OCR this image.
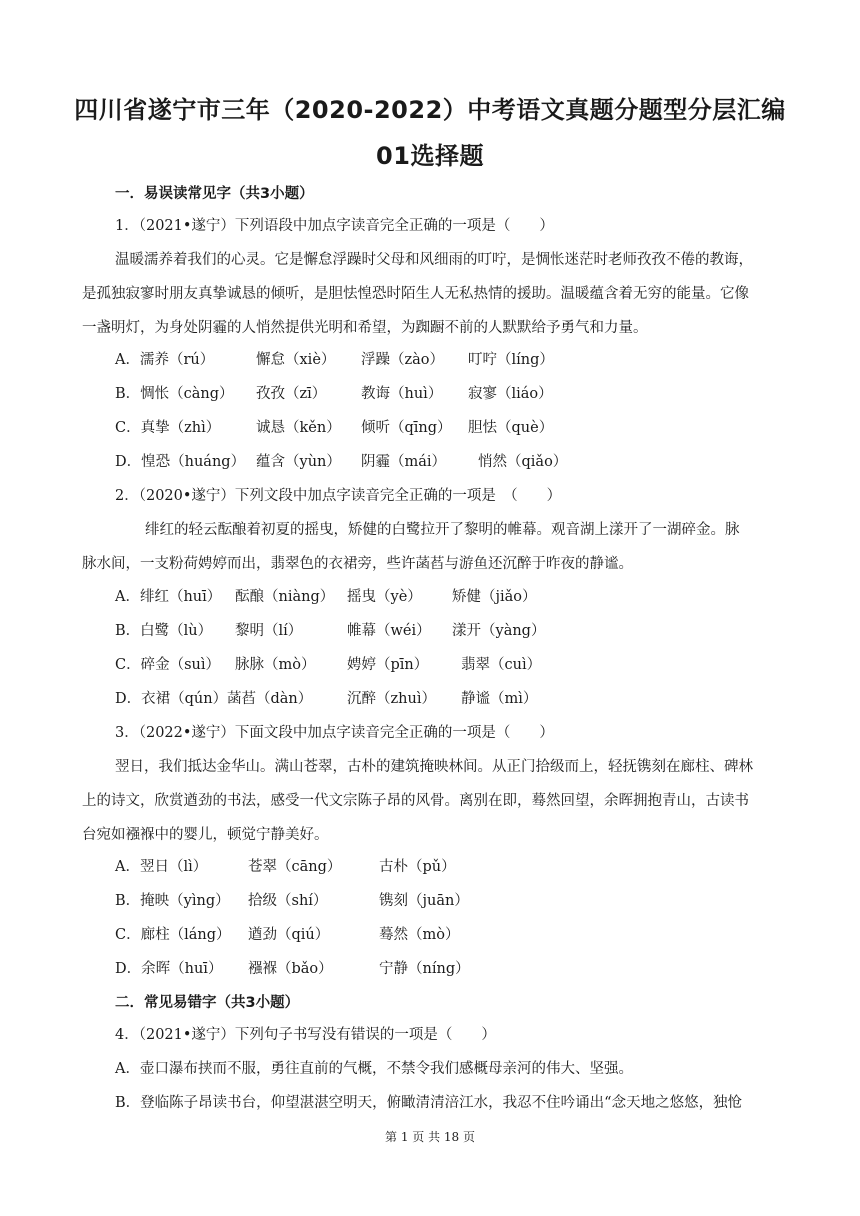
四川省遂宁市三年（2020-2022）中考语文真题分题型分层汇编
01选择题
一．易误读常见字（共3小题）
1．（2021•遂宁）下列语段中加点字读音完全正确的一项是（　　）
温暖濡养着我们的心灵。它是懈怠浮躁时父母和风细雨的叮咛，是惆怅迷茫时老师孜孜不倦的教诲，
是孤独寂寥时朋友真挚诚恳的倾听，是胆怯惶恐时陌生人无私热情的援助。温暖蕴含着无穷的能量。它像
一盏明灯，为身处阴霾的人悄然提供光明和希望，为踟蹰不前的人默默给予勇气和力量。
A．濡养（rú）	懈怠（xiè） 浮躁（zào） 叮咛（líng）
B．惆怅（càng） 孜孜（zī） 教诲（huì） 寂寥（liáo）
C．真挚（zhì） 诚恳（kěn） 倾听（qīng） 胆怯（què）
D．惶恐（huáng） 蕴含（yùn） 阴霾（mái） 悄然（qiǎo）
2．（2020•遂宁）下列文段中加点字读音完全正确的一项是　（　　）
绯红的轻云酝酿着初夏的摇曳，矫健的白鹭拉开了黎明的帷幕。观音湖上漾开了一湖碎金。脉
脉水间，一支粉荷娉婷而出，翡翠色的衣裙旁，些许菡萏与游鱼还沉醉于昨夜的静谧。
A．绯红（huī） 酝酿（niàng） 摇曳（yè） 矫健（jiǎo）
B．白鹭（lù） 黎明（lí）	帷幕（wéi） 漾开（yàng）
C．碎金（suì） 脉脉（mò） 娉婷（pīn） 翡翠（cuì）
D．衣裙（qún） 菡萏（dàn） 沉醉（zhuì） 静谧（mì）
3．（2022•遂宁）下面文段中加点字读音完全正确的一项是（　　）
翌日，我们抵达金华山。满山苍翠，古朴的建筑掩映林间。从正门拾级而上，轻抚镌刻在廊柱、碑林
上的诗文，欣赏遒劲的书法，感受一代文宗陈子昂的风骨。离别在即，蓦然回望，余晖拥抱青山，古读书
台宛如襁褓中的婴儿，顿觉宁静美好。
A．翌日（lì）	苍翠（cāng）	古朴（pǔ）
B．掩映（yìng） 拾级（shí）	镌刻（juān）
C．廊柱（láng） 遒劲（qiú）	蓦然（mò）
D．余晖（huī） 襁褓（bǎo）	宁静（níng）
二．常见易错字（共3小题）
4．（2021•遂宁）下列句子书写没有错误的一项是（　　）
A．壶口瀑布挟而不服，勇往直前的气概，不禁令我们感概母亲河的伟大、坚强。
B．登临陈子昂读书台，仰望湛湛空明天，俯瞰清清涪江水，我忍不住吟诵出“念天地之悠悠，独怆
第 1 页 共 18 页
